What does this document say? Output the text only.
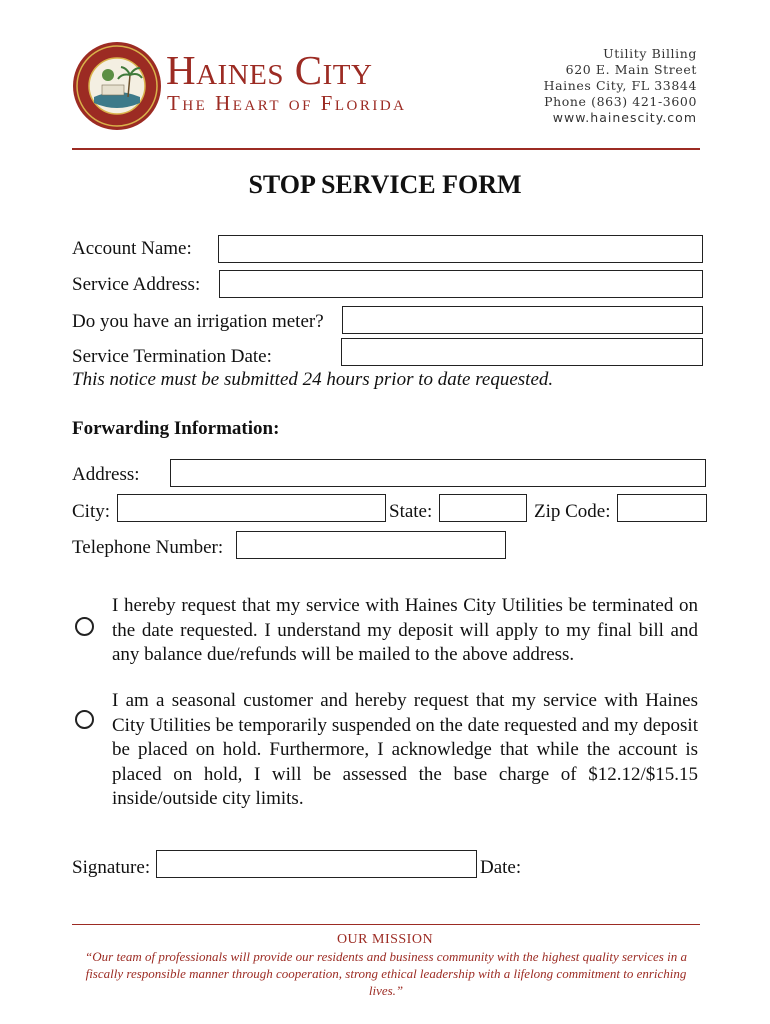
Haines City
The Heart of Florida
Utility Billing
620 E. Main Street
Haines City, FL 33844
Phone (863) 421-3600
www.hainescity.com
STOP SERVICE FORM
Account Name:
Service Address:
Do you have an irrigation meter?
Service Termination Date:
This notice must be submitted 24 hours prior to date requested.
Forwarding Information:
Address:
City:	State:	Zip Code:
Telephone Number:
I hereby request that my service with Haines City Utilities be terminated on the date requested. I understand my deposit will apply to my final bill and any balance due/refunds will be mailed to the above address.
I am a seasonal customer and hereby request that my service with Haines City Utilities be temporarily suspended on the date requested and my deposit be placed on hold. Furthermore, I acknowledge that while the account is placed on hold, I will be assessed the base charge of $12.12/$15.15 inside/outside city limits.
Signature:	Date:
OUR MISSION
“Our team of professionals will provide our residents and business community with the highest quality services in a fiscally responsible manner through cooperation, strong ethical leadership with a lifelong commitment to enriching lives.”
